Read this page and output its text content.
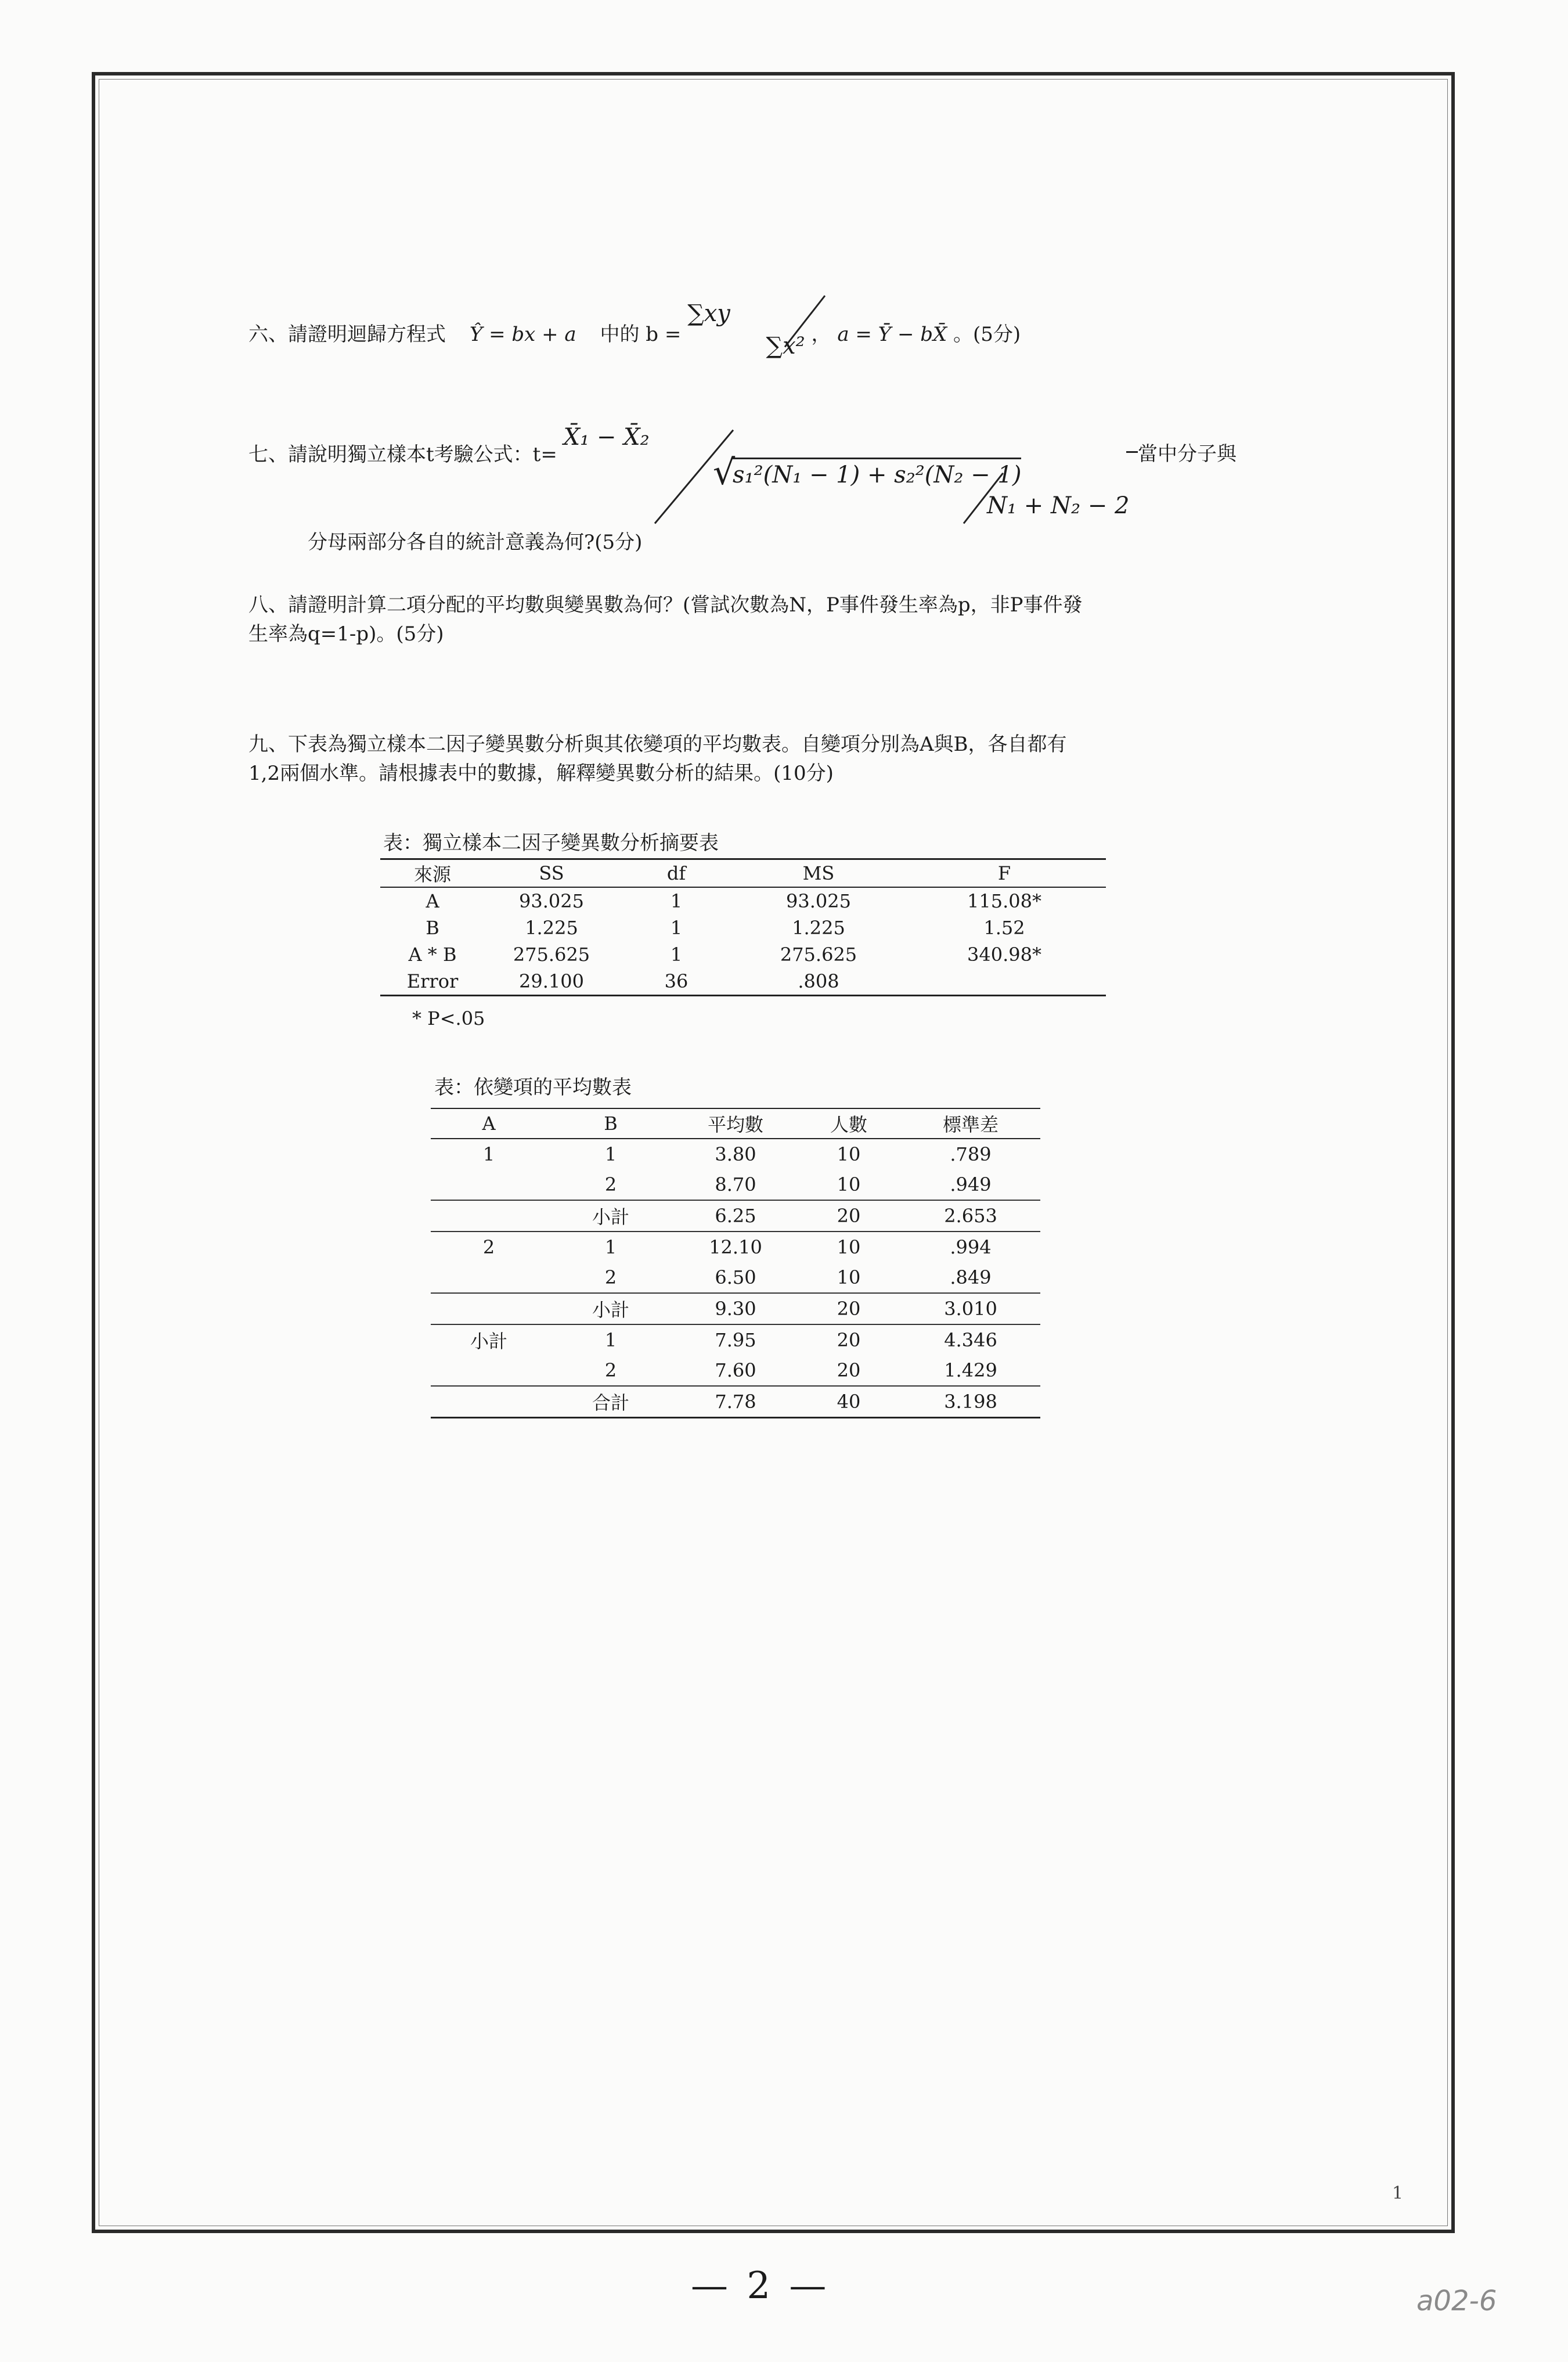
六、請證明迴歸方程式 Ŷ = bx + a 中的 b = ∑xy  ∑x² ， a = Ȳ − bX̄ 。(5分)
七、請說明獨立樣本t考驗公式：t= X̄₁ − X̄₂
√
s₁²(N₁ − 1) + s₂²(N₂ − 1)
N₁ + N₂ − 2
當中分子與
分母兩部分各自的統計意義為何?(5分)
八、請證明計算二項分配的平均數與變異數為何？(嘗試次數為N，P事件發生率為p，非P事件發
生率為q=1-p)。(5分)
九、下表為獨立樣本二因子變異數分析與其依變項的平均數表。自變項分別為A與B，各自都有
1,2兩個水準。請根據表中的數據，解釋變異數分析的結果。(10分)
表：獨立樣本二因子變異數分析摘要表
來源	SS	df	MS	F
A	93.025	1	93.025	115.08*
B	1.225	1	1.225	1.52
A * B	275.625	1	275.625	340.98*
Error	29.100	36	.808	
* P<.05
表：依變項的平均數表
A	B	平均數	人數	標準差
1	1	3.80	10	.789
	2	8.70	10	.949
	小計	6.25	20	2.653
2	1	12.10	10	.994
	2	6.50	10	.849
	小計	9.30	20	3.010
小計	1	7.95	20	4.346
	2	7.60	20	1.429
	合計	7.78	40	3.198
1
— 2 —	a02-6
